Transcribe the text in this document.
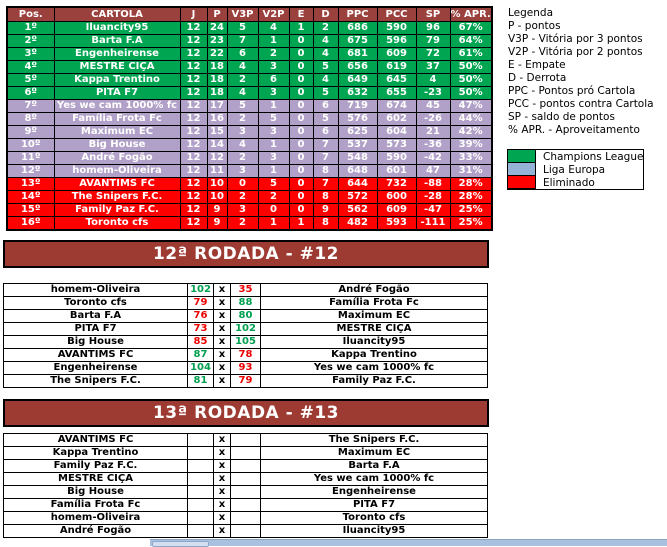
Pos.	CARTOLA	J	P	V3P	V2P	E	D	PPC	PCC	SP	% APR.
1º	Iluancity95	12	24	5	4	1	2	686	590	96	67%
2º	Barta F.A	12	23	7	1	0	4	675	596	79	64%
3º	Engenheirense	12	22	6	2	0	4	681	609	72	61%
4º	MESTRE CIÇA	12	18	4	3	0	5	656	619	37	50%
5º	Kappa Trentino	12	18	2	6	0	4	649	645	4	50%
6º	PITA F7	12	18	4	3	0	5	632	655	-23	50%
7º	Yes we cam 1000% fc	12	17	5	1	0	6	719	674	45	47%
8º	Família Frota Fc	12	16	2	5	0	5	576	602	-26	44%
9º	Maximum EC	12	15	3	3	0	6	625	604	21	42%
10º	Big House	12	14	4	1	0	7	537	573	-36	39%
11º	André Fogão	12	12	2	3	0	7	548	590	-42	33%
12º	homem-Oliveira	12	11	3	1	0	8	648	601	47	31%
13º	AVANTIMS FC	12	10	0	5	0	7	644	732	-88	28%
14º	The Snipers F.C.	12	10	2	2	0	8	572	600	-28	28%
15º	Family Paz F.C.	12	9	3	0	0	9	562	609	-47	25%
16º	Toronto cfs	12	9	2	1	1	8	482	593	-111	25%
Legenda
P - pontos
V3P - Vitória por 3 pontos
V2P - Vitória por 2 pontos
E - Empate
D - Derrota
PPC - Pontos pró Cartola
PCC - pontos contra Cartola
SP - saldo de pontos
% APR. - Aproveitamento
Champions League
Liga Europa
Eliminado
12ª RODADA - #12
homem-Oliveira	102	x	35	André Fogão
Toronto cfs	79	x	88	Família Frota Fc
Barta F.A	76	x	80	Maximum EC
PITA F7	73	x	102	MESTRE CIÇA
Big House	85	x	105	Iluancity95
AVANTIMS FC	87	x	78	Kappa Trentino
Engenheirense	104	x	93	Yes we cam 1000% fc
The Snipers F.C.	81	x	79	Family Paz F.C.
13ª RODADA - #13
AVANTIMS FC		x		The Snipers F.C.
Kappa Trentino		x		Maximum EC
Family Paz F.C.		x		Barta F.A
MESTRE CIÇA		x		Yes we cam 1000% fc
Big House		x		Engenheirense
Família Frota Fc		x		PITA F7
homem-Oliveira		x		Toronto cfs
André Fogão		x		Iluancity95
